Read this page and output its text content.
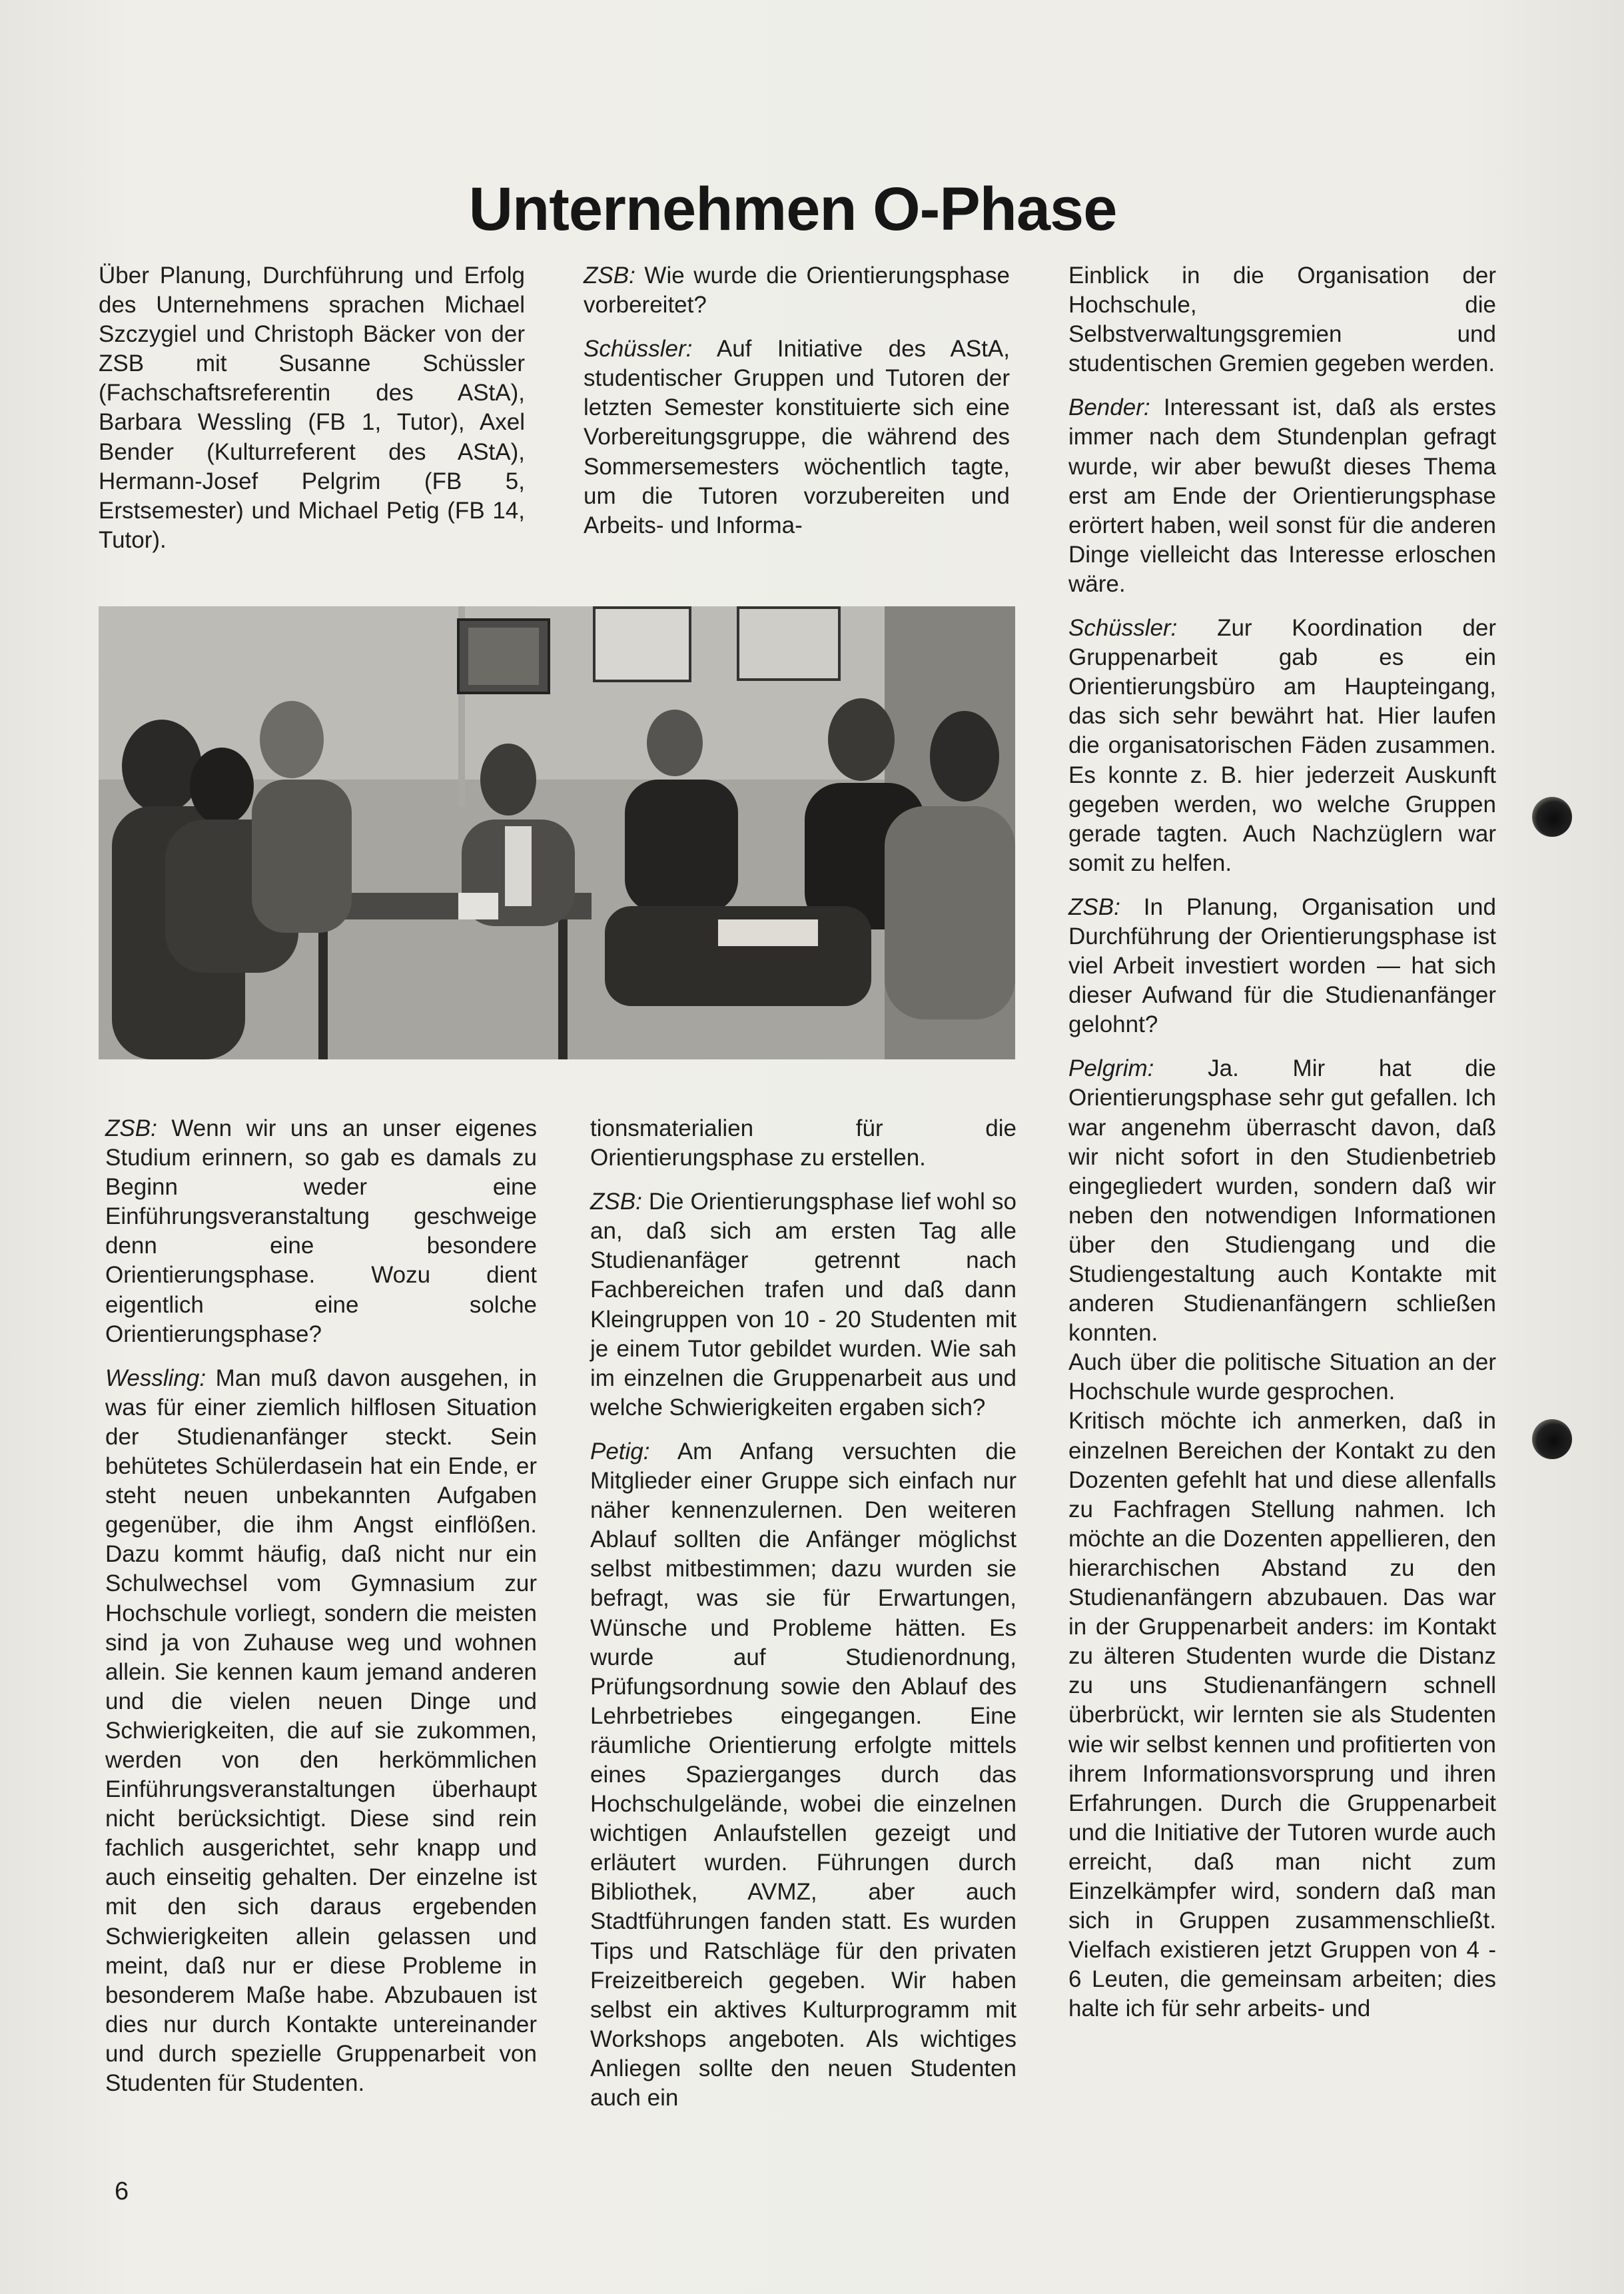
Unternehmen O-Phase

Über Planung, Durchführung und Erfolg des Unternehmens sprachen Michael Szczygiel und Christoph Bäcker von der ZSB mit Susanne Schüssler (Fachschaftsreferentin des AStA), Barbara Wessling (FB 1, Tutor), Axel Bender (Kulturreferent des AStA), Hermann-Josef Pelgrim (FB 5, Erstsemester) und Michael Petig (FB 14, Tutor).

ZSB: Wie wurde die Orientierungsphase vorbereitet?

Schüssler: Auf Initiative des AStA, studentischer Gruppen und Tutoren der letzten Semester konstituierte sich eine Vorbereitungsgruppe, die während des Sommersemesters wöchentlich tagte, um die Tutoren vorzubereiten und Arbeits- und Informa-

ZSB: Wenn wir uns an unser eigenes Studium erinnern, so gab es damals zu Beginn weder eine Einführungsveranstaltung geschweige denn eine besondere Orientierungsphase. Wozu dient eigentlich eine solche Orientierungsphase?

Wessling: Man muß davon ausgehen, in was für einer ziemlich hilflosen Situation der Studienanfänger steckt. Sein behütetes Schülerdasein hat ein Ende, er steht neuen unbekannten Aufgaben gegenüber, die ihm Angst einflößen. Dazu kommt häufig, daß nicht nur ein Schulwechsel vom Gymnasium zur Hochschule vorliegt, sondern die meisten sind ja von Zuhause weg und wohnen allein. Sie kennen kaum jemand anderen und die vielen neuen Dinge und Schwierigkeiten, die auf sie zukommen, werden von den herkömmlichen Einführungsveranstaltungen überhaupt nicht berücksichtigt. Diese sind rein fachlich ausgerichtet, sehr knapp und auch einseitig gehalten. Der einzelne ist mit den sich daraus ergebenden Schwierigkeiten allein gelassen und meint, daß nur er diese Probleme in besonderem Maße habe. Abzubauen ist dies nur durch Kontakte untereinander und durch spezielle Gruppenarbeit von Studenten für Studenten.

tionsmaterialien für die Orientierungsphase zu erstellen.

ZSB: Die Orientierungsphase lief wohl so an, daß sich am ersten Tag alle Studienanfäger getrennt nach Fachbereichen trafen und daß dann Kleingruppen von 10 - 20 Studenten mit je einem Tutor gebildet wurden. Wie sah im einzelnen die Gruppenarbeit aus und welche Schwierigkeiten ergaben sich?

Petig: Am Anfang versuchten die Mitglieder einer Gruppe sich einfach nur näher kennenzulernen. Den weiteren Ablauf sollten die Anfänger möglichst selbst mitbestimmen; dazu wurden sie befragt, was sie für Erwartungen, Wünsche und Probleme hätten. Es wurde auf Studienordnung, Prüfungsordnung sowie den Ablauf des Lehrbetriebes eingegangen. Eine räumliche Orientierung erfolgte mittels eines Spazierganges durch das Hochschulgelände, wobei die einzelnen wichtigen Anlaufstellen gezeigt und erläutert wurden. Führungen durch Bibliothek, AVMZ, aber auch Stadtführungen fanden statt. Es wurden Tips und Ratschläge für den privaten Freizeitbereich gegeben. Wir haben selbst ein aktives Kulturprogramm mit Workshops angeboten. Als wichtiges Anliegen sollte den neuen Studenten auch ein

Einblick in die Organisation der Hochschule, die Selbstverwaltungsgremien und studentischen Gremien gegeben werden.

Bender: Interessant ist, daß als erstes immer nach dem Stundenplan gefragt wurde, wir aber bewußt dieses Thema erst am Ende der Orientierungsphase erörtert haben, weil sonst für die anderen Dinge vielleicht das Interesse erloschen wäre.

Schüssler: Zur Koordination der Gruppenarbeit gab es ein Orientierungsbüro am Haupteingang, das sich sehr bewährt hat. Hier laufen die organisatorischen Fäden zusammen. Es konnte z. B. hier jederzeit Auskunft gegeben werden, wo welche Gruppen gerade tagten. Auch Nachzüglern war somit zu helfen.

ZSB: In Planung, Organisation und Durchführung der Orientierungsphase ist viel Arbeit investiert worden — hat sich dieser Aufwand für die Studienanfänger gelohnt?

Pelgrim: Ja. Mir hat die Orientierungsphase sehr gut gefallen. Ich war angenehm überrascht davon, daß wir nicht sofort in den Studienbetrieb eingegliedert wurden, sondern daß wir neben den notwendigen Informationen über den Studiengang und die Studiengestaltung auch Kontakte mit anderen Studienanfängern schließen konnten.

Auch über die politische Situation an der Hochschule wurde gesprochen.

Kritisch möchte ich anmerken, daß in einzelnen Bereichen der Kontakt zu den Dozenten gefehlt hat und diese allenfalls zu Fachfragen Stellung nahmen. Ich möchte an die Dozenten appellieren, den hierarchischen Abstand zu den Studienanfängern abzubauen. Das war in der Gruppenarbeit anders: im Kontakt zu älteren Studenten wurde die Distanz zu uns Studienanfängern schnell überbrückt, wir lernten sie als Studenten wie wir selbst kennen und profitierten von ihrem Informationsvorsprung und ihren Erfahrungen. Durch die Gruppenarbeit und die Initiative der Tutoren wurde auch erreicht, daß man nicht zum Einzelkämpfer wird, sondern daß man sich in Gruppen zusammenschließt. Vielfach existieren jetzt Gruppen von 4 - 6 Leuten, die gemeinsam arbeiten; dies halte ich für sehr arbeits- und

6
